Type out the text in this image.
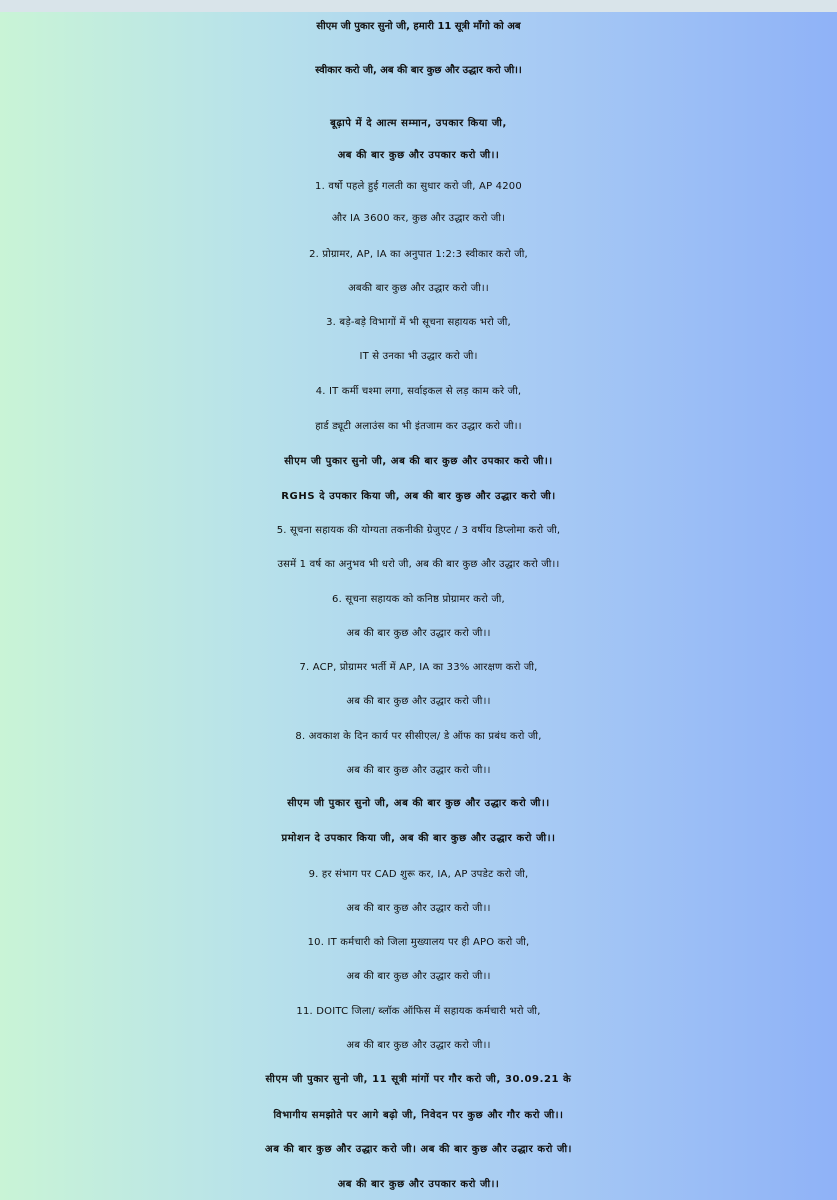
सीएम जी पुकार सुनो जी, हमारी 11 सूत्री माँगो को अब
स्वीकार करो जी, अब की बार कुछ और उद्धार करो जी।।
बूढ़ापे में दे आत्म सम्मान, उपकार किया जी,
अब की बार कुछ और उपकार करो जी।।
1. वर्षो पहले हुई गलती का सुधार करो जी, AP 4200
और IA 3600 कर, कुछ और उद्धार करो जी।
2. प्रोग्रामर, AP, IA का अनुपात 1:2:3 स्वीकार करो जी,
अबकी बार कुछ और उद्धार करो जी।।
3. बड़े-बड़े विभागों में भी सूचना सहायक भरो जी,
IT से उनका भी उद्धार करो जी।
4. IT कर्मी चश्मा लगा, सर्वाइकल से लड़ काम करे जी,
हार्ड ड्यूटी अलाउंस का भी इंतजाम कर उद्धार करो जी।।
सीएम जी पुकार सुनो जी, अब की बार कुछ और उपकार करो जी।।
RGHS दे उपकार किया जी, अब की बार कुछ और उद्धार करो जी।
5. सूचना सहायक की योग्यता तकनीकी ग्रेजुएट / 3 वर्षीय डिप्लोमा करो जी,
उसमें 1 वर्ष का अनुभव भी धरो जी, अब की बार कुछ और उद्धार करो जी।।
6. सूचना सहायक को कनिष्ठ प्रोग्रामर करो जी,
अब की बार कुछ और उद्धार करो जी।।
7. ACP, प्रोग्रामर भर्ती में AP, IA का 33% आरक्षण करो जी,
अब की बार कुछ और उद्धार करो जी।।
8. अवकाश के दिन कार्य पर सीसीएल/ डे ऑफ का प्रबंध करो जी,
अब की बार कुछ और उद्धार करो जी।।
सीएम जी पुकार सुनो जी, अब की बार कुछ और उद्धार करो जी।।
प्रमोशन दे उपकार किया जी, अब की बार कुछ और उद्धार करो जी।।
9. हर संभाग पर CAD शुरू कर, IA, AP उपडेट करो जी,
अब की बार कुछ और उद्धार करो जी।।
10. IT कर्मचारी को जिला मुख्यालय पर ही APO करो जी,
अब की बार कुछ और उद्धार करो जी।।
11. DOITC जिला/ ब्लॉक ऑफिस में सहायक कर्मचारी भरो जी,
अब की बार कुछ और उद्धार करो जी।।
सीएम जी पुकार सुनो जी, 11 सूत्री मांगों पर गौर करो जी, 30.09.21 के
विभागीय समझोते पर आगे बढ़ो जी, निवेदन पर कुछ और गौर करो जी।।
अब की बार कुछ और उद्धार करो जी। अब की बार कुछ और उद्धार करो जी।
अब की बार कुछ और उपकार करो जी।।
